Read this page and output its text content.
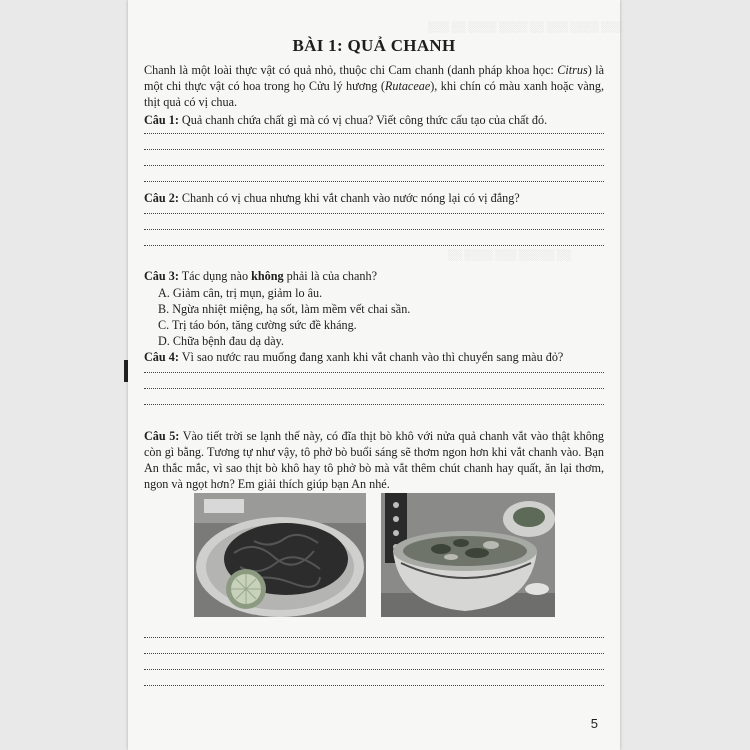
░░░ ░░░░ ░░░ ░░ ░░░░ ░░░░ ░░ ░░░
░░ ░░░░░ ░░░ ░░░░ ░░
BÀI 1: QUẢ CHANH
Chanh là một loài thực vật có quả nhỏ, thuộc chi Cam chanh (danh pháp khoa học: Citrus) là một chi thực vật có hoa trong họ Cửu lý hương (Rutaceae), khi chín có màu xanh hoặc vàng, thịt quả có vị chua.
Câu 1: Quả chanh chứa chất gì mà có vị chua? Viết công thức cấu tạo của chất đó.
Câu 2: Chanh có vị chua nhưng khi vắt chanh vào nước nóng lại có vị đắng?
Câu 3: Tác dụng nào không phải là của chanh?
A. Giảm cân, trị mụn, giảm lo âu.
B. Ngừa nhiệt miệng, hạ sốt, làm mềm vết chai sần.
C. Trị táo bón, tăng cường sức đề kháng.
D. Chữa bệnh đau dạ dày.
Câu 4: Vì sao nước rau muống đang xanh khi vắt chanh vào thì chuyển sang màu đỏ?
Câu 5: Vào tiết trời se lạnh thế này, có đĩa thịt bò khô với nửa quả chanh vắt vào thật không còn gì bằng. Tương tự như vậy, tô phở bò buổi sáng sẽ thơm ngon hơn khi vắt chanh vào. Bạn An thắc mắc, vì sao thịt bò khô hay tô phở bò mà vắt thêm chút chanh hay quất, ăn lại thơm, ngon và ngọt hơn? Em giải thích giúp bạn An nhé.
5
